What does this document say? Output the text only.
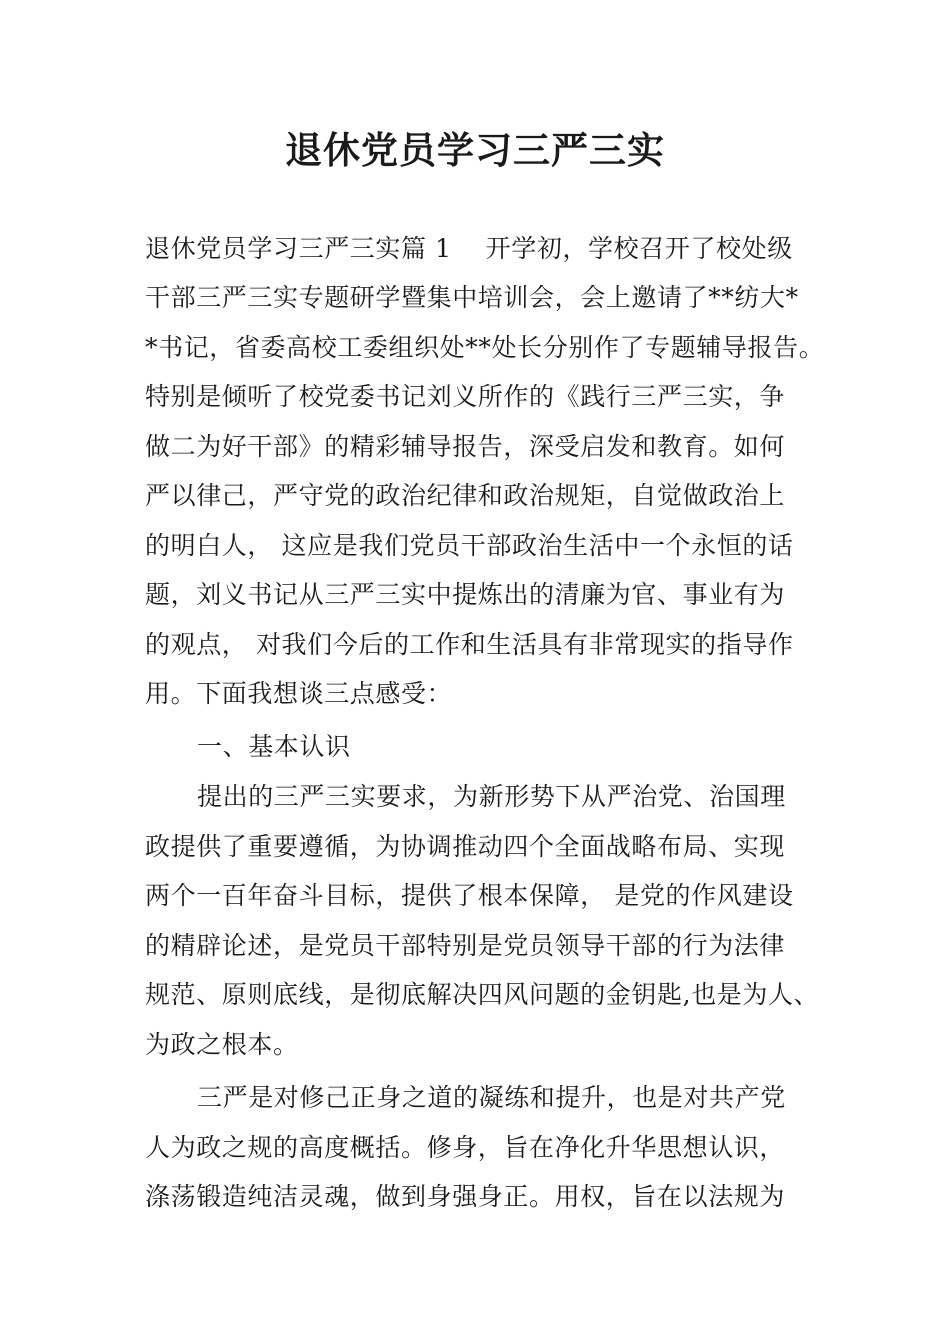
退休党员学习三严三实

退休党员学习三严三实篇 1 开学初，学校召开了校处级

干部三严三实专题研学暨集中培训会，会上邀请了**纺大*

*书记，省委高校工委组织处**处长分别作了专题辅导报告。

特别是倾听了校党委书记刘义所作的《践行三严三实，争

做二为好干部》的精彩辅导报告，深受启发和教育。如何

严以律己，严守党的政治纪律和政治规矩，自觉做政治上

的明白人， 这应是我们党员干部政治生活中一个永恒的话

题，刘义书记从三严三实中提炼出的清廉为官、事业有为

的观点， 对我们今后的工作和生活具有非常现实的指导作

用。下面我想谈三点感受：

一、基本认识

提出的三严三实要求，为新形势下从严治党、治国理

政提供了重要遵循，为协调推动四个全面战略布局、实现

两个一百年奋斗目标，提供了根本保障， 是党的作风建设

的精辟论述，是党员干部特别是党员领导干部的行为法律

规范、原则底线，是彻底解决四风问题的金钥匙,也是为人、

为政之根本。

三严是对修己正身之道的凝练和提升，也是对共产党

人为政之规的高度概括。修身，旨在净化升华思想认识，

涤荡锻造纯洁灵魂，做到身强身正。用权，旨在以法规为
